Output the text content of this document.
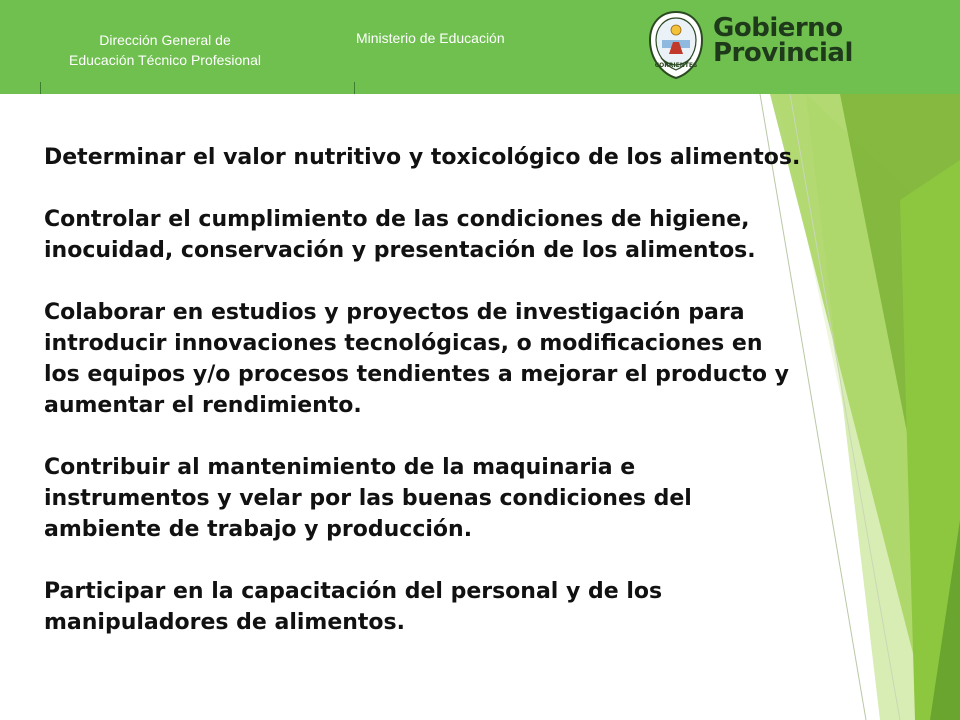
Dirección General de
Educación Técnico Profesional
Ministerio de Educación
CORRIENTES
Gobierno
Provincial

Determinar el valor nutritivo y toxicológico de los alimentos.

Controlar el cumplimiento de las condiciones de higiene, inocuidad, conservación y presentación de los alimentos.

Colaborar en estudios y proyectos de investigación para introducir innovaciones tecnológicas, o modificaciones en los equipos y/o procesos tendientes a mejorar el producto y aumentar el rendimiento.

Contribuir al mantenimiento de la maquinaria e instrumentos y velar por las buenas condiciones del ambiente de trabajo y producción.

Participar en la capacitación del personal y de los manipuladores de alimentos.
